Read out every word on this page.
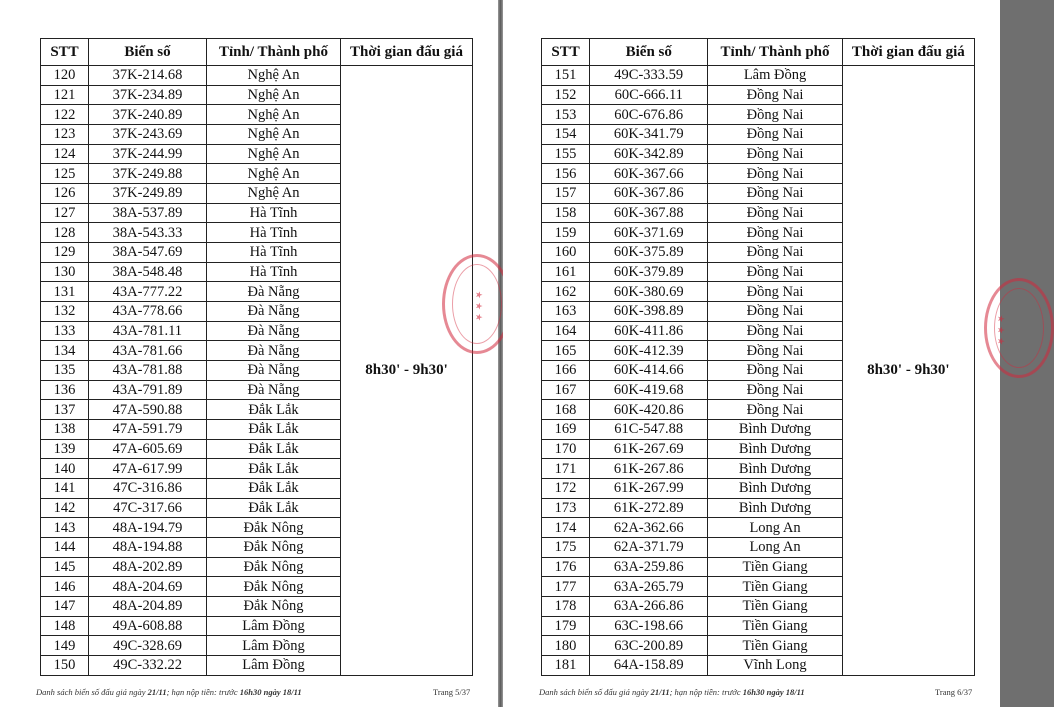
STT	Biển số	Tỉnh/ Thành phố	Thời gian đấu giá
120	37K-214.68	Nghệ An	8h30' - 9h30'
121	37K-234.89	Nghệ An	
122	37K-240.89	Nghệ An	
123	37K-243.69	Nghệ An	
124	37K-244.99	Nghệ An	
125	37K-249.88	Nghệ An	
126	37K-249.89	Nghệ An	
127	38A-537.89	Hà Tĩnh	
128	38A-543.33	Hà Tĩnh	
129	38A-547.69	Hà Tĩnh	
130	38A-548.48	Hà Tĩnh	
131	43A-777.22	Đà Nẵng	
132	43A-778.66	Đà Nẵng	
133	43A-781.11	Đà Nẵng	
134	43A-781.66	Đà Nẵng	
135	43A-781.88	Đà Nẵng	
136	43A-791.89	Đà Nẵng	
137	47A-590.88	Đắk Lắk	
138	47A-591.79	Đắk Lắk	
139	47A-605.69	Đắk Lắk	
140	47A-617.99	Đắk Lắk	
141	47C-316.86	Đắk Lắk	
142	47C-317.66	Đắk Lắk	
143	48A-194.79	Đắk Nông	
144	48A-194.88	Đắk Nông	
145	48A-202.89	Đắk Nông	
146	48A-204.69	Đắk Nông	
147	48A-204.89	Đắk Nông	
148	49A-608.88	Lâm Đồng	
149	49C-328.69	Lâm Đồng	
150	49C-332.22	Lâm Đồng	
Danh sách biển số đấu giá ngày 21/11; hạn nộp tiền: trước 16h30 ngày 18/11	Trang 5/37
★ ★ ★
STT	Biển số	Tỉnh/ Thành phố	Thời gian đấu giá
151	49C-333.59	Lâm Đồng	8h30' - 9h30'
152	60C-666.11	Đồng Nai	
153	60C-676.86	Đồng Nai	
154	60K-341.79	Đồng Nai	
155	60K-342.89	Đồng Nai	
156	60K-367.66	Đồng Nai	
157	60K-367.86	Đồng Nai	
158	60K-367.88	Đồng Nai	
159	60K-371.69	Đồng Nai	
160	60K-375.89	Đồng Nai	
161	60K-379.89	Đồng Nai	
162	60K-380.69	Đồng Nai	
163	60K-398.89	Đồng Nai	
164	60K-411.86	Đồng Nai	
165	60K-412.39	Đồng Nai	
166	60K-414.66	Đồng Nai	
167	60K-419.68	Đồng Nai	
168	60K-420.86	Đồng Nai	
169	61C-547.88	Bình Dương	
170	61K-267.69	Bình Dương	
171	61K-267.86	Bình Dương	
172	61K-267.99	Bình Dương	
173	61K-272.89	Bình Dương	
174	62A-362.66	Long An	
175	62A-371.79	Long An	
176	63A-259.86	Tiền Giang	
177	63A-265.79	Tiền Giang	
178	63A-266.86	Tiền Giang	
179	63C-198.66	Tiền Giang	
180	63C-200.89	Tiền Giang	
181	64A-158.89	Vĩnh Long	
Danh sách biển số đấu giá ngày 21/11; hạn nộp tiền: trước 16h30 ngày 18/11	Trang 6/37
★ ★ ★
